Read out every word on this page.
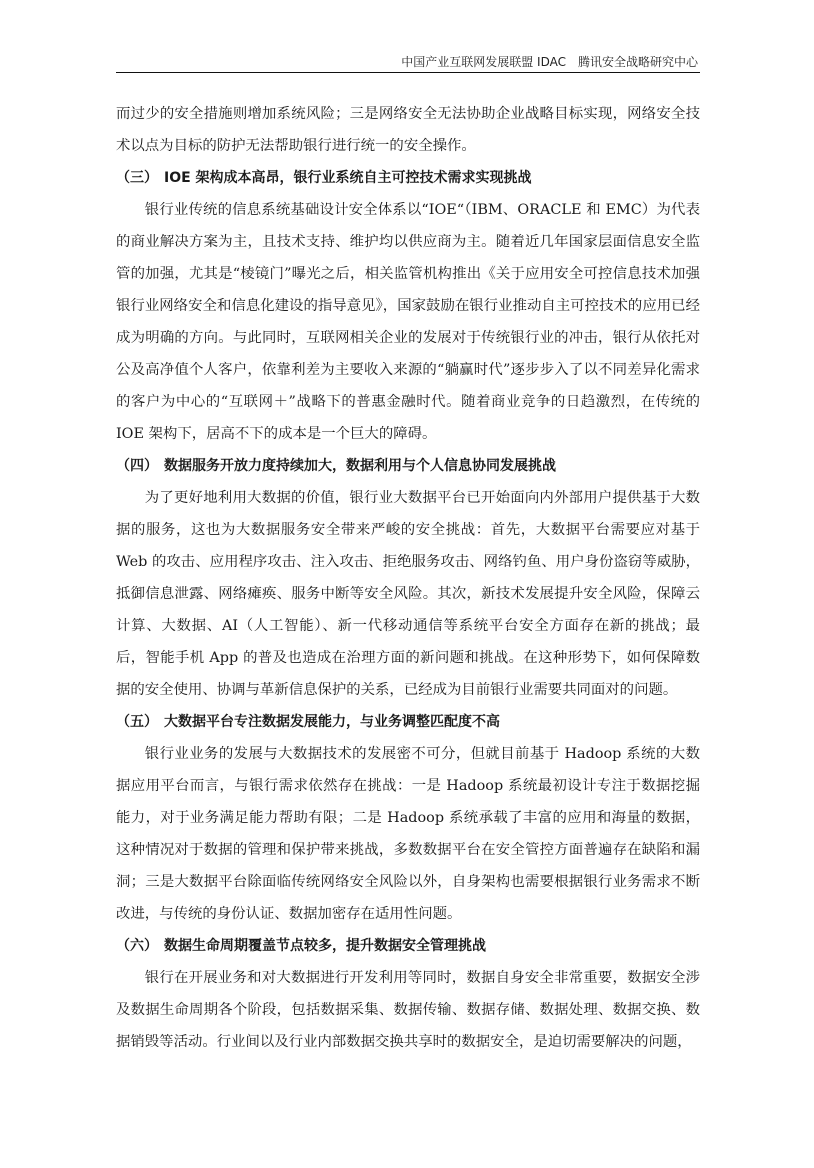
中国产业互联网发展联盟 IDAC　腾讯安全战略研究中心

而过少的安全措施则增加系统风险；三是网络安全无法协助企业战略目标实现，网络安全技术以点为目标的防护无法帮助银行进行统一的安全操作。

（三） IOE 架构成本高昂，银行业系统自主可控技术需求实现挑战

银行业传统的信息系统基础设计安全体系以“IOE“（IBM、ORACLE 和 EMC）为代表的商业解决方案为主，且技术支持、维护均以供应商为主。随着近几年国家层面信息安全监管的加强，尤其是“棱镜门”曝光之后，相关监管机构推出《关于应用安全可控信息技术加强银行业网络安全和信息化建设的指导意见》，国家鼓励在银行业推动自主可控技术的应用已经成为明确的方向。与此同时，互联网相关企业的发展对于传统银行业的冲击，银行从依托对公及高净值个人客户，依靠利差为主要收入来源的“躺赢时代”逐步步入了以不同差异化需求的客户为中心的“互联网＋”战略下的普惠金融时代。随着商业竞争的日趋激烈，在传统的 IOE 架构下，居高不下的成本是一个巨大的障碍。

（四） 数据服务开放力度持续加大，数据利用与个人信息协同发展挑战

为了更好地利用大数据的价值，银行业大数据平台已开始面向内外部用户提供基于大数据的服务，这也为大数据服务安全带来严峻的安全挑战：首先，大数据平台需要应对基于 Web 的攻击、应用程序攻击、注入攻击、拒绝服务攻击、网络钓鱼、用户身份盗窃等威胁，抵御信息泄露、网络瘫痪、服务中断等安全风险。其次，新技术发展提升安全风险，保障云计算、大数据、AI（人工智能）、新一代移动通信等系统平台安全方面存在新的挑战；最后，智能手机 App 的普及也造成在治理方面的新问题和挑战。在这种形势下，如何保障数据的安全使用、协调与革新信息保护的关系，已经成为目前银行业需要共同面对的问题。

（五） 大数据平台专注数据发展能力，与业务调整匹配度不高

银行业业务的发展与大数据技术的发展密不可分，但就目前基于 Hadoop 系统的大数据应用平台而言，与银行需求依然存在挑战：一是 Hadoop 系统最初设计专注于数据挖掘能力，对于业务满足能力帮助有限；二是 Hadoop 系统承载了丰富的应用和海量的数据，这种情况对于数据的管理和保护带来挑战，多数数据平台在安全管控方面普遍存在缺陷和漏洞；三是大数据平台除面临传统网络安全风险以外，自身架构也需要根据银行业务需求不断改进，与传统的身份认证、数据加密存在适用性问题。

（六） 数据生命周期覆盖节点较多，提升数据安全管理挑战

银行在开展业务和对大数据进行开发利用等同时，数据自身安全非常重要，数据安全涉及数据生命周期各个阶段，包括数据采集、数据传输、数据存储、数据处理、数据交换、数据销毁等活动。行业间以及行业内部数据交换共享时的数据安全，是迫切需要解决的问题，
